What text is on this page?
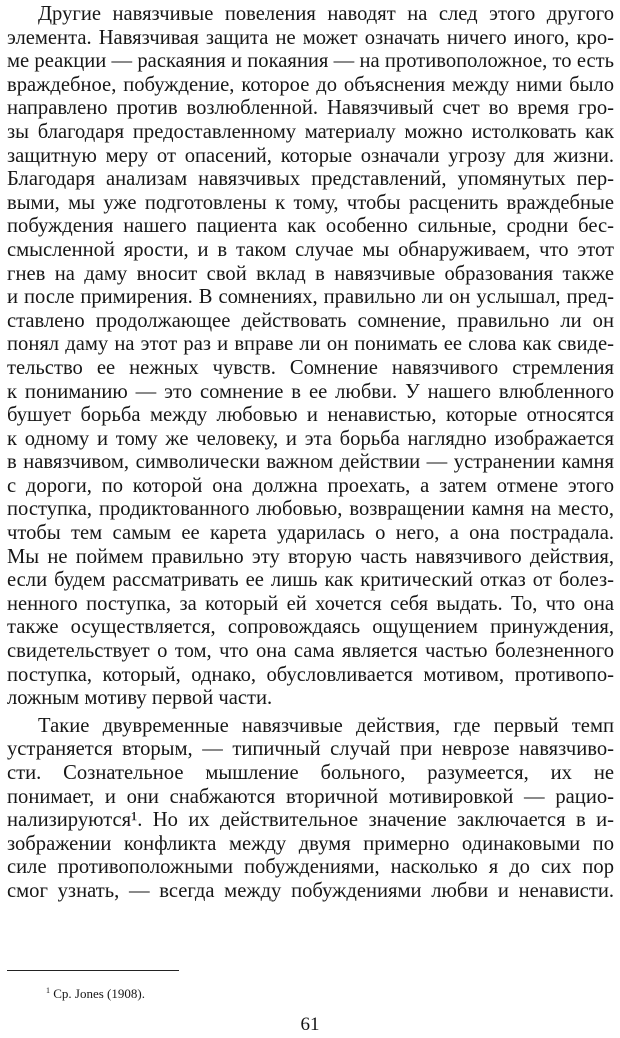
Другие навязчивые повеления наводят на след этого другого
элемента. Навязчивая защита не может означать ничего иного, кро-
ме реакции — раскаяния и покаяния — на противоположное, то есть
враждебное, побуждение, которое до объяснения между ними было
направлено против возлюбленной. Навязчивый счет во время гро-
зы благодаря предоставленному материалу можно истолковать как
защитную меру от опасений, которые означали угрозу для жизни.
Благодаря анализам навязчивых представлений, упомянутых пер-
выми, мы уже подготовлены к тому, чтобы расценить враждебные
побуждения нашего пациента как особенно сильные, сродни бес-
смысленной ярости, и в таком случае мы обнаруживаем, что этот
гнев на даму вносит свой вклад в навязчивые образования также
и после примирения. В сомнениях, правильно ли он услышал, пред-
ставлено продолжающее действовать сомнение, правильно ли он
понял даму на этот раз и вправе ли он понимать ее слова как свиде-
тельство ее нежных чувств. Сомнение навязчивого стремления
к пониманию — это сомнение в ее любви. У нашего влюбленного
бушует борьба между любовью и ненавистью, которые относятся
к одному и тому же человеку, и эта борьба наглядно изображается
в навязчивом, символически важном действии — устранении камня
с дороги, по которой она должна проехать, а затем отмене этого
поступка, продиктованного любовью, возвращении камня на место,
чтобы тем самым ее карета ударилась о него, а она пострадала.
Мы не поймем правильно эту вторую часть навязчивого действия,
если будем рассматривать ее лишь как критический отказ от болез-
ненного поступка, за который ей хочется себя выдать. То, что она
также осуществляется, сопровождаясь ощущением принуждения,
свидетельствует о том, что она сама является частью болезненного
поступка, который, однако, обусловливается мотивом, противопо-
ложным мотиву первой части.
Такие двувременные навязчивые действия, где первый темп
устраняется вторым, — типичный случай при неврозе навязчиво-
сти. Сознательное мышление больного, разумеется, их не
понимает, и они снабжаются вторичной мотивировкой — рацио-
нализируются¹. Но их действительное значение заключается в и-
зображении конфликта между двумя примерно одинаковыми по
силе противоположными побуждениями, насколько я до сих пор
смог узнать, — всегда между побуждениями любви и ненависти.
$^1$ Ср. Jones (1908).
61
